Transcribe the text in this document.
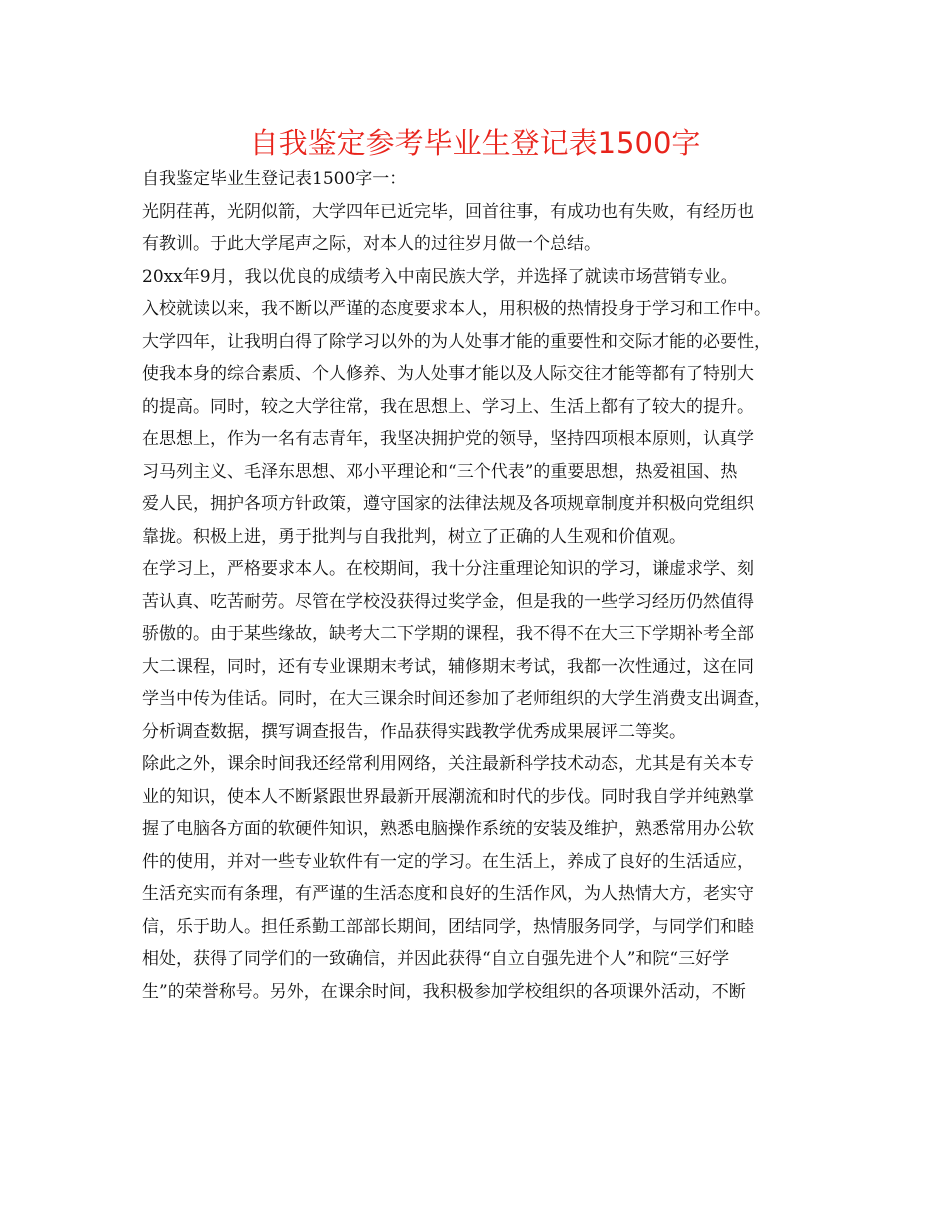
自我鉴定参考毕业生登记表1500字
自我鉴定毕业生登记表1500字一：
光阴荏苒，光阴似箭，大学四年已近完毕，回首往事，有成功也有失败，有经历也
有教训。于此大学尾声之际，对本人的过往岁月做一个总结。
20xx年9月，我以优良的成绩考入中南民族大学，并选择了就读市场营销专业。
入校就读以来，我不断以严谨的态度要求本人，用积极的热情投身于学习和工作中。
大学四年，让我明白得了除学习以外的为人处事才能的重要性和交际才能的必要性，
使我本身的综合素质、个人修养、为人处事才能以及人际交往才能等都有了特别大
的提高。同时，较之大学往常，我在思想上、学习上、生活上都有了较大的提升。
在思想上，作为一名有志青年，我坚决拥护党的领导，坚持四项根本原则，认真学
习马列主义、毛泽东思想、邓小平理论和“三个代表”的重要思想，热爱祖国、热
爱人民，拥护各项方针政策，遵守国家的法律法规及各项规章制度并积极向党组织
靠拢。积极上进，勇于批判与自我批判，树立了正确的人生观和价值观。
在学习上，严格要求本人。在校期间，我十分注重理论知识的学习，谦虚求学、刻
苦认真、吃苦耐劳。尽管在学校没获得过奖学金，但是我的一些学习经历仍然值得
骄傲的。由于某些缘故，缺考大二下学期的课程，我不得不在大三下学期补考全部
大二课程，同时，还有专业课期末考试，辅修期末考试，我都一次性通过，这在同
学当中传为佳话。同时，在大三课余时间还参加了老师组织的大学生消费支出调查，
分析调查数据，撰写调查报告，作品获得实践教学优秀成果展评二等奖。
除此之外，课余时间我还经常利用网络，关注最新科学技术动态，尤其是有关本专
业的知识，使本人不断紧跟世界最新开展潮流和时代的步伐。同时我自学并纯熟掌
握了电脑各方面的软硬件知识，熟悉电脑操作系统的安装及维护，熟悉常用办公软
件的使用，并对一些专业软件有一定的学习。在生活上，养成了良好的生活适应，
生活充实而有条理，有严谨的生活态度和良好的生活作风，为人热情大方，老实守
信，乐于助人。担任系勤工部部长期间，团结同学，热情服务同学，与同学们和睦
相处，获得了同学们的一致确信，并因此获得“自立自强先进个人”和院“三好学
生”的荣誉称号。另外，在课余时间，我积极参加学校组织的各项课外活动，不断
